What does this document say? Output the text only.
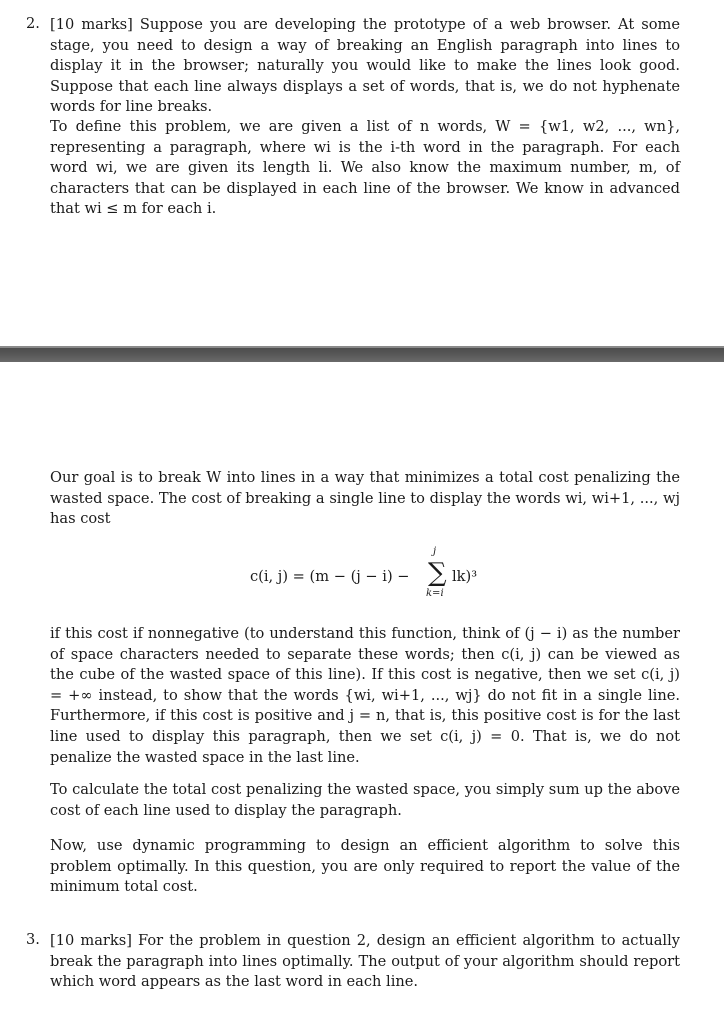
2. [10 marks] Suppose you are developing the prototype of a web browser. At some stage, you need to design a way of breaking an English paragraph into lines to display it in the browser; naturally you would like to make the lines look good. Suppose that each line always displays a set of words, that is, we do not hyphenate words for line breaks.
To define this problem, we are given a list of n words, W = {w1, w2, ..., wn}, representing a paragraph, where wi is the i-th word in the paragraph. For each word wi, we are given its length li. We also know the maximum number, m, of characters that can be displayed in each line of the browser. We know in advanced that wi ≤ m for each i.
Our goal is to break W into lines in a way that minimizes a total cost penalizing the wasted space. The cost of breaking a single line to display the words wi, wi+1, ..., wj has cost
c(i, j) = (m − (j − i) −
j
∑
k=i
lk)³
if this cost if nonnegative (to understand this function, think of (j − i) as the number of space characters needed to separate these words; then c(i, j) can be viewed as the cube of the wasted space of this line). If this cost is negative, then we set c(i, j) = +∞ instead, to show that the words {wi, wi+1, ..., wj} do not fit in a single line. Furthermore, if this cost is positive and j = n, that is, this positive cost is for the last line used to display this paragraph, then we set c(i, j) = 0. That is, we do not penalize the wasted space in the last line.
To calculate the total cost penalizing the wasted space, you simply sum up the above cost of each line used to display the paragraph.
Now, use dynamic programming to design an efficient algorithm to solve this problem optimally. In this question, you are only required to report the value of the minimum total cost.
3. [10 marks] For the problem in question 2, design an efficient algorithm to actually break the paragraph into lines optimally. The output of your algorithm should report which word appears as the last word in each line.
